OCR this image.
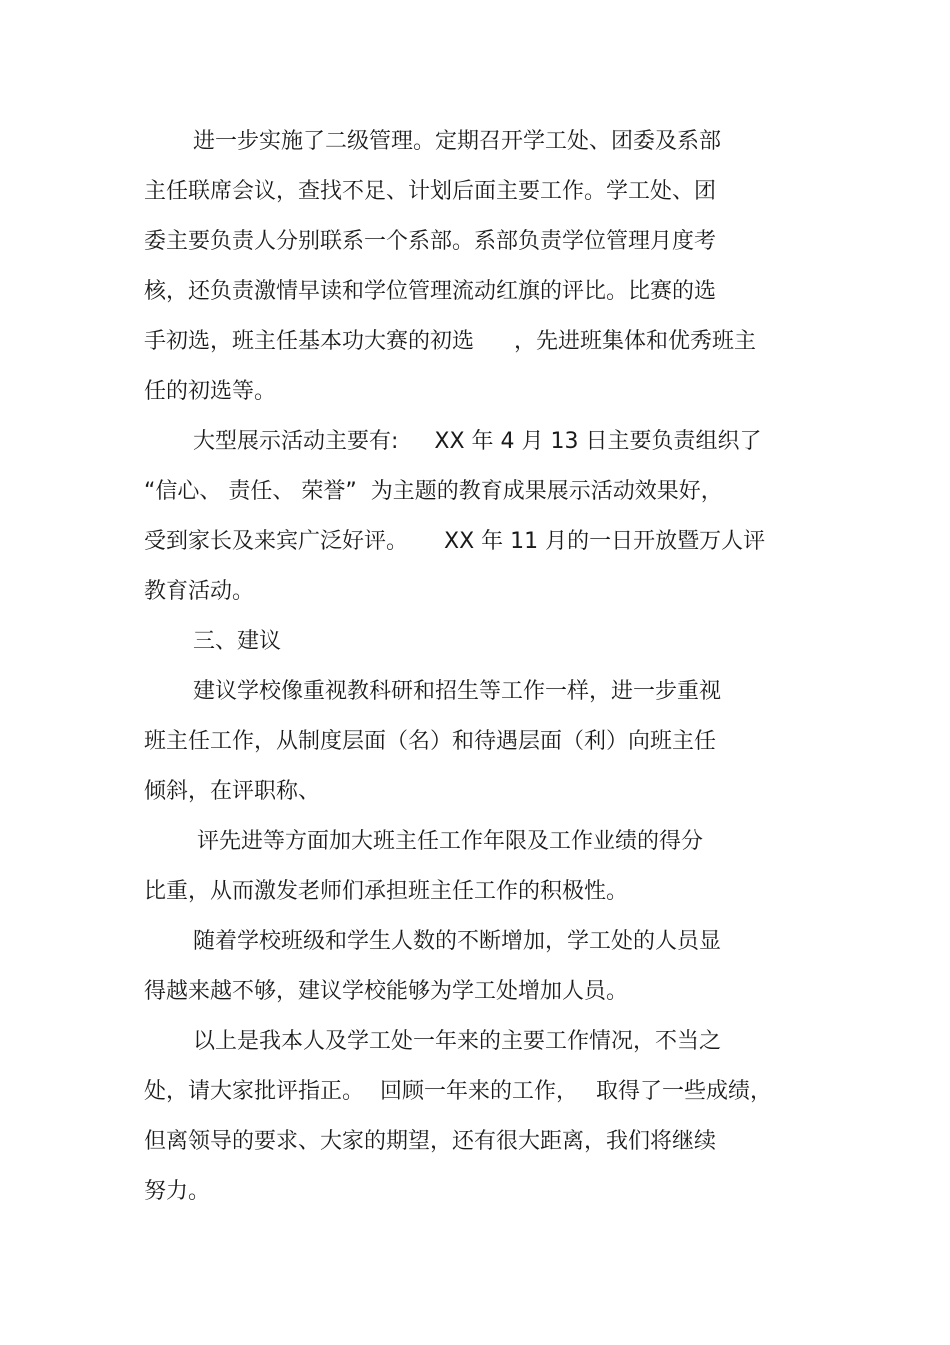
进一步实施了二级管理。定期召开学工处、团委及系部

主任联席会议，查找不足、计划后面主要工作。学工处、团

委主要负责人分别联系一个系部。系部负责学位管理月度考

核，还负责激情早读和学位管理流动红旗的评比。比赛的选

手初选，班主任基本功大赛的初选 ，先进班集体和优秀班主

任的初选等。

大型展示活动主要有: XX 年 4 月 13 日主要负责组织了

“信心、 责任、 荣誉” 为主题的教育成果展示活动效果好，

受到家长及来宾广泛好评。 XX 年 11 月的一日开放暨万人评

教育活动。

三、建议

建议学校像重视教科研和招生等工作一样，进一步重视

班主任工作，从制度层面（名）和待遇层面（利）向班主任

倾斜，在评职称、

评先进等方面加大班主任工作年限及工作业绩的得分

比重，从而激发老师们承担班主任工作的积极性。

随着学校班级和学生人数的不断增加，学工处的人员显

得越来越不够，建议学校能够为学工处增加人员。

以上是我本人及学工处一年来的主要工作情况，不当之

处，请大家批评指正。 回顾一年来的工作， 取得了一些成绩，

但离领导的要求、大家的期望，还有很大距离，我们将继续

努力。
